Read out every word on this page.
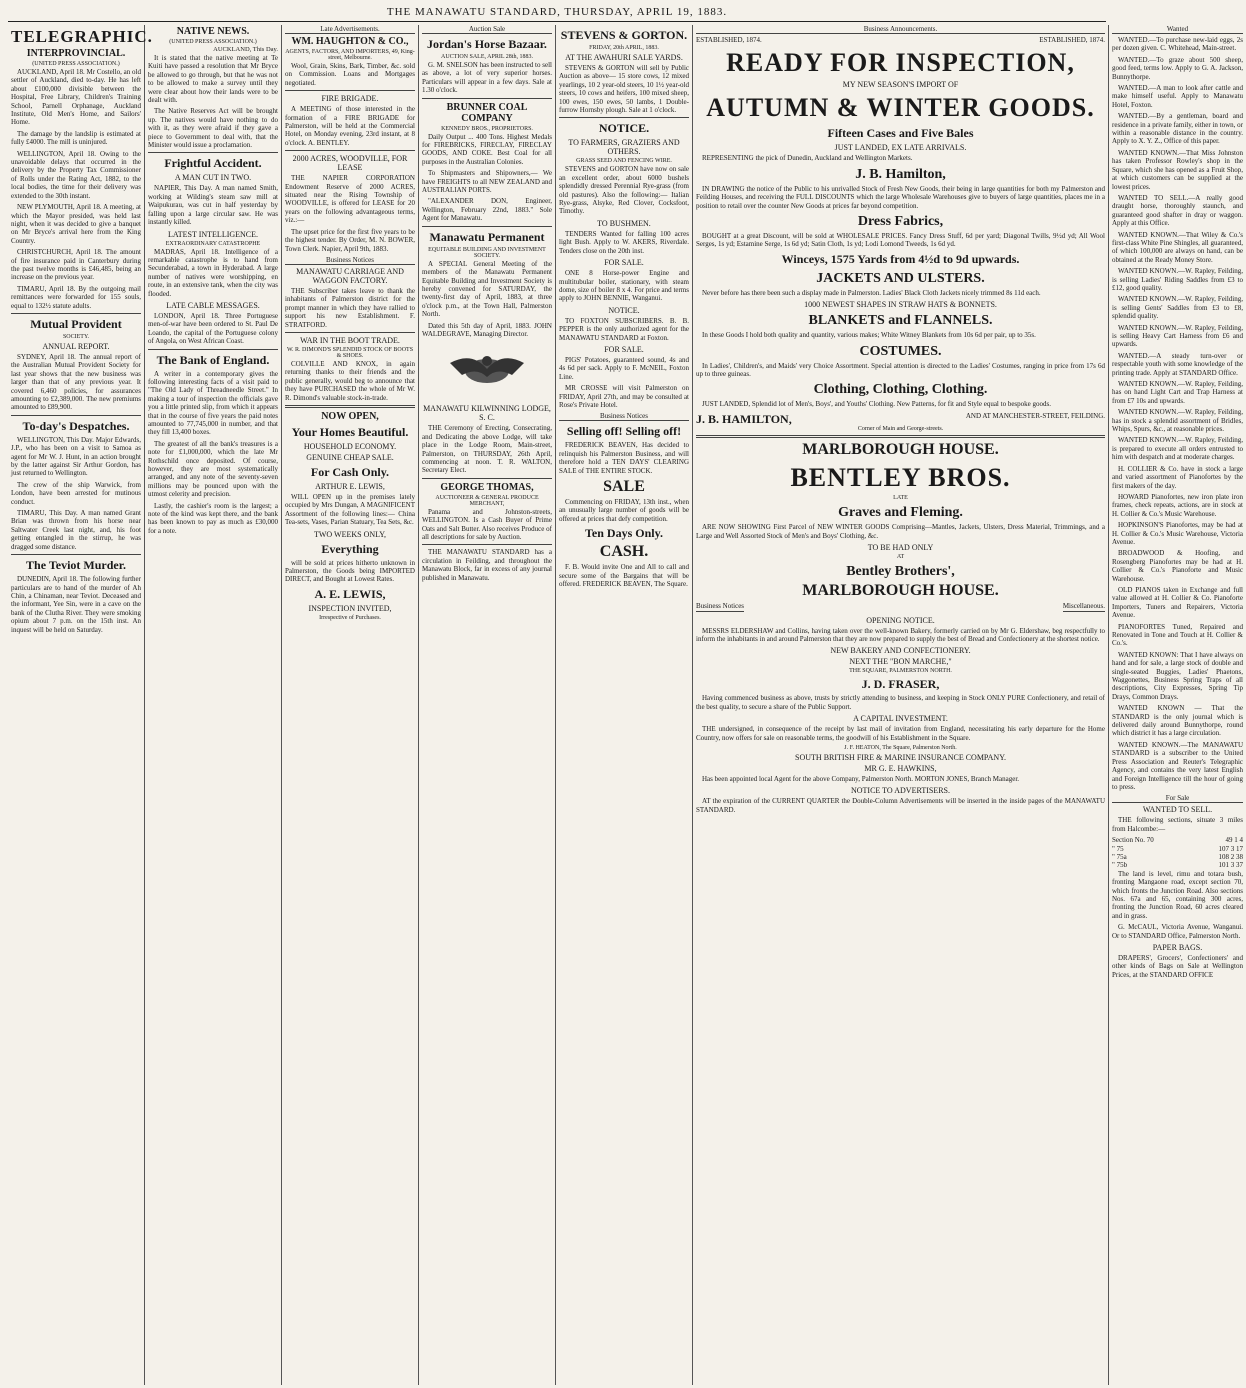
THE MANAWATU STANDARD, THURSDAY, APRIL 19, 1883.
TELEGRAPHIC.
INTERPROVINCIAL.
(UNITED PRESS ASSOCIATION.)

AUCKLAND, April 18. Mr Costello, an old settler of Auckland, died to-day. He has left about £100,000 divisible between the Hospital, Free Library, Children's Training School, Parnell Orphanage, Auckland Institute, Old Men's Home, and Sailors' Home.

The damage by the landslip is estimated at fully £4000. The mill is uninjured.

WELLINGTON, April 18. Owing to the unavoidable delays that occurred in the delivery by the Property Tax Commissioner of Rolls under the Rating Act, 1882, to the local bodies, the time for their delivery was extended to the 30th instant.

NEW PLYMOUTH, April 18. A meeting, at which the Mayor presided, was held last night, when it was decided to give a banquet on Mr Bryce's arrival here from the King Country.

CHRISTCHURCH, April 18. The amount of fire insurance paid in Canterbury during the past twelve months is £46,485, being an increase on the previous year.

TIMARU, April 18. By the outgoing mail remittances were forwarded for 155 souls, equal to 132½ statute adults.

Mutual Provident
SOCIETY.
ANNUAL REPORT.

SYDNEY, April 18. The annual report of the Australian Mutual Provident Society for last year shows that the new business was larger than that of any previous year. It covered 6,460 policies, for assurances amounting to £2,389,000. The new premiums amounted to £89,900.

To-day's Despatches.

WELLINGTON, This Day. Major Edwards, J.P., who has been on a visit to Samoa as agent for Mr W. J. Hunt, in an action brought by the latter against Sir Arthur Gordon, has just returned to Wellington.

The crew of the ship Warwick, from London, have been arrested for mutinous conduct.

TIMARU, This Day. A man named Grant Brian was thrown from his horse near Saltwater Creek last night, and, his foot getting entangled in the stirrup, he was dragged some distance.

The Teviot Murder.

DUNEDIN, April 18. The following further particulars are to hand of the murder of Ah Chin, a Chinaman, near Teviot. Deceased and the informant, Yee Sin, were in a cave on the bank of the Clutha River. They were smoking opium about 7 p.m. on the 15th inst. An inquest will be held on Saturday.

NATIVE NEWS.
(UNITED PRESS ASSOCIATION.)
AUCKLAND, This Day.

It is stated that the native meeting at Te Kuiti have passed a resolution that Mr Bryce be allowed to go through, but that he was not to be allowed to make a survey until they were clear about how their lands were to be dealt with.

The Native Reserves Act will be brought up. The natives would have nothing to do with it, as they were afraid if they gave a piece to Government to deal with, that the Minister would issue a proclamation.

Frightful Accident.
A MAN CUT IN TWO.

NAPIER, This Day. A man named Smith, working at Wilding's steam saw mill at Waipukurau, was cut in half yesterday by falling upon a large circular saw. He was instantly killed.

LATEST INTELLIGENCE.
EXTRAORDINARY CATASTROPHE

MADRAS, April 18. Intelligence of a remarkable catastrophe is to hand from Secunderabad, a town in Hyderabad. A large number of natives were worshipping, en route, in an extensive tank, when the city was flooded.

LATE CABLE MESSAGES.

LONDON, April 18. Three Portuguese men-of-war have been ordered to St. Paul De Loando, the capital of the Portuguese colony of Angola, on West African Coast.

The Bank of England.

A writer in a contemporary gives the following interesting facts of a visit paid to "The Old Lady of Threadneedle Street." In making a tour of inspection the officials gave you a little printed slip, from which it appears that in the course of five years the paid notes amounted to 77,745,000 in number, and that they fill 13,400 boxes.

The greatest of all the bank's treasures is a note for £1,000,000, which the late Mr Rothschild once deposited. Of course, however, they are most systematically arranged, and any note of the seventy-seven millions may be pounced upon with the utmost celerity and precision.

Lastly, the cashier's room is the largest; a note of the kind was kept there, and the bank has been known to pay as much as £30,000 for a note.

Late Advertisements.
WM. HAUGHTON & CO.,
AGENTS, FACTORS, AND IMPORTERS, 49, King-street, Melbourne.

Wool, Grain, Skins, Bark, Timber, &c. sold on Commission. Loans and Mortgages negotiated.

FIRE BRIGADE.

A MEETING of those interested in the formation of a FIRE BRIGADE for Palmerston, will be held at the Commercial Hotel, on Monday evening, 23rd instant, at 8 o'clock. A. BENTLEY.

2000 ACRES, WOODVILLE, FOR LEASE

THE NAPIER CORPORATION Endowment Reserve of 2000 ACRES, situated near the Rising Township of WOODVILLE, is offered for LEASE for 20 years on the following advantageous terms, viz.:—

The upset price for the first five years to be the highest tender. By Order, M. N. BOWER, Town Clerk. Napier, April 9th, 1883.

Business Notices
MANAWATU CARRIAGE AND WAGGON FACTORY.

THE Subscriber takes leave to thank the inhabitants of Palmerston district for the prompt manner in which they have rallied to support his new Establishment. F. STRATFORD.

WAR IN THE BOOT TRADE.
W. R. DIMOND'S SPLENDID STOCK OF BOOTS & SHOES.

COLVILLE AND KNOX, in again returning thanks to their friends and the public generally, would beg to announce that they have PURCHASED the whole of Mr W. R. Dimond's valuable stock-in-trade.

NOW OPEN,
Your Homes Beautiful.
HOUSEHOLD ECONOMY.
GENUINE CHEAP SALE.
For Cash Only.
ARTHUR E. LEWIS,

WILL OPEN up in the premises lately occupied by Mrs Dungan, A MAGNIFICENT Assortment of the following lines:— China Tea-sets, Vases, Parian Statuary, Tea Sets, &c.

TWO WEEKS ONLY,
Everything

will be sold at prices hitherto unknown in Palmerston, the Goods being IMPORTED DIRECT, and Bought at Lowest Rates.

A. E. LEWIS,
INSPECTION INVITED,
Irrespective of Purchases.
Auction Sale
Jordan's Horse Bazaar.
AUCTION SALE, APRIL 28th, 1883.

G. M. SNELSON has been instructed to sell as above, a lot of very superior horses. Particulars will appear in a few days. Sale at 1.30 o'clock.

BRUNNER COAL COMPANY
KENNEDY BROS., PROPRIETORS.

Daily Output ... 400 Tons. Highest Medals for FIREBRICKS, FIRECLAY, FIRECLAY GOODS, AND COKE. Best Coal for all purposes in the Australian Colonies.

To Shipmasters and Shipowners,— We have FREIGHTS to all NEW ZEALAND and AUSTRALIAN PORTS.

"ALEXANDER DON, Engineer, Wellington, February 22nd, 1883." Sole Agent for Manawatu.

Manawatu Permanent
EQUITABLE BUILDING AND INVESTMENT SOCIETY.

A SPECIAL General Meeting of the members of the Manawatu Permanent Equitable Building and Investment Society is hereby convened for SATURDAY, the twenty-first day of April, 1883, at three o'clock p.m., at the Town Hall, Palmerston North.

Dated this 5th day of April, 1883. JOHN WALDEGRAVE, Managing Director.

MANAWATU KILWINNING LODGE, S. C.

THE Ceremony of Erecting, Consecrating, and Dedicating the above Lodge, will take place in the Lodge Room, Main-street, Palmerston, on THURSDAY, 26th April, commencing at noon. T. R. WALTON, Secretary Elect.

GEORGE THOMAS,
AUCTIONEER & GENERAL PRODUCE MERCHANT,

Panama and Johnston-streets, WELLINGTON. Is a Cash Buyer of Prime Oats and Salt Butter. Also receives Produce of all descriptions for sale by Auction.

THE MANAWATU STANDARD has a circulation in Feilding, and throughout the Manawatu Block, far in excess of any journal published in Manawatu.

STEVENS & GORTON.
FRIDAY, 20th APRIL, 1883.
AT THE AWAHURI SALE YARDS.

STEVENS & GORTON will sell by Public Auction as above— 15 store cows, 12 mixed yearlings, 10 2 year-old steers, 10 1½ year-old steers, 10 cows and heifers, 100 mixed sheep, 100 ewes, 150 ewes, 50 lambs, 1 Double-furrow Hornsby plough. Sale at 1 o'clock.

NOTICE.
TO FARMERS, GRAZIERS AND OTHERS.
GRASS SEED AND FENCING WIRE.

STEVENS and GORTON have now on sale an excellent order, about 6000 bushels splendidly dressed Perennial Rye-grass (from old pastures). Also the following:— Italian Rye-grass, Alsyke, Red Clover, Cocksfoot, Timothy.

TO BUSHMEN.

TENDERS Wanted for falling 100 acres light Bush. Apply to W. AKERS, Riverdale. Tenders close on the 20th inst.

FOR SALE.

ONE 8 Horse-power Engine and multitubular boiler, stationary, with steam dome, size of boiler 8 x 4. For price and terms apply to JOHN BENNIE, Wanganui.

NOTICE.

TO FOXTON SUBSCRIBERS. B. B. PEPPER is the only authorized agent for the MANAWATU STANDARD at Foxton.

FOR SALE.

PIGS' Potatoes, guaranteed sound, 4s and 4s 6d per sack. Apply to F. McNEIL, Foxton Line.

MR CROSSE will visit Palmerston on FRIDAY, April 27th, and may be consulted at Rose's Private Hotel.

Business Notices
Selling off! Selling off!

FREDERICK BEAVEN, Has decided to relinquish his Palmerston Business, and will therefore hold a TEN DAYS' CLEARING SALE of THE ENTIRE STOCK.

SALE

Commencing on FRIDAY, 13th inst., when an unusually large number of goods will be offered at prices that defy competition.

Ten Days Only.
CASH.

F. B. Would invite One and All to call and secure some of the Bargains that will be offered. FREDERICK BEAVEN, The Square.

Business Announcements.
ESTABLISHED, 1874.	ESTABLISHED, 1874.
READY FOR INSPECTION,
MY NEW SEASON'S IMPORT OF
AUTUMN & WINTER GOODS.
Fifteen Cases and Five Bales
JUST LANDED, EX LATE ARRIVALS.

REPRESENTING the pick of Dunedin, Auckland and Wellington Markets.

J. B. Hamilton,

IN DRAWING the notice of the Public to his unrivalled Stock of Fresh New Goods, their being in large quantities for both my Palmerston and Feilding Houses, and receiving the FULL DISCOUNTS which the large Wholesale Warehouses give to buyers of large quantities, places me in a position to retail over the counter New Goods at prices far beyond competition.

Dress Fabrics,

BOUGHT at a great Discount, will be sold at WHOLESALE PRICES. Fancy Dress Stuff, 6d per yard; Diagonal Twills, 9½d yd; All Wool Serges, 1s yd; Estamine Serge, 1s 6d yd; Satin Cloth, 1s yd; Lodi Lomond Tweeds, 1s 6d yd.

Winceys, 1575 Yards from 4½d to 9d upwards.
JACKETS AND ULSTERS.

Never before has there been such a display made in Palmerston. Ladies' Black Cloth Jackets nicely trimmed 8s 11d each.

1000 NEWEST SHAPES IN STRAW HATS & BONNETS.
BLANKETS and FLANNELS.

In these Goods I hold both quality and quantity, various makes; White Witney Blankets from 10s 6d per pair, up to 35s.

COSTUMES.

In Ladies', Children's, and Maids' very Choice Assortment. Special attention is directed to the Ladies' Costumes, ranging in price from 17s 6d up to three guineas.

Clothing, Clothing, Clothing.

JUST LANDED, Splendid lot of Men's, Boys', and Youths' Clothing. New Patterns, for fit and Style equal to bespoke goods.

J. B. HAMILTON,	AND AT MANCHESTER-STREET, FEILDING.
Corner of Main and George-streets.
MARLBOROUGH HOUSE.
BENTLEY BROS.
LATE
Graves and Fleming.

ARE NOW SHOWING First Parcel of NEW WINTER GOODS Comprising—Mantles, Jackets, Ulsters, Dress Material, Trimmings, and a Large and Well Assorted Stock of Men's and Boys' Clothing, &c.

TO BE HAD ONLY
AT
Bentley Brothers',
MARLBOROUGH HOUSE.
Business Notices	Miscellaneous.
OPENING NOTICE.

MESSRS ELDERSHAW and Collins, having taken over the well-known Bakery, formerly carried on by Mr G. Eldershaw, beg respectfully to inform the inhabitants in and around Palmerston that they are now prepared to supply the best of Bread and Confectionery at the shortest notice.

NEW BAKERY AND CONFECTIONERY.
NEXT THE "BON MARCHE,"
THE SQUARE, PALMERSTON NORTH.
J. D. FRASER,

Having commenced business as above, trusts by strictly attending to business, and keeping in Stock ONLY PURE Confectionery, and retail of the best quality, to secure a share of the Public Support.

A CAPITAL INVESTMENT.

THE undersigned, in consequence of the receipt by last mail of invitation from England, necessitating his early departure for the Home Country, now offers for sale on reasonable terms, the goodwill of his Establishment in the Square.

J. F. HEATON, The Square, Palmerston North.
SOUTH BRITISH FIRE & MARINE INSURANCE COMPANY.
MR G. E. HAWKINS,

Has been appointed local Agent for the above Company, Palmerston North. MORTON JONES, Branch Manager.

NOTICE TO ADVERTISERS.

AT the expiration of the CURRENT QUARTER the Double-Column Advertisements will be inserted in the inside pages of the MANAWATU STANDARD.

Wanted

WANTED.—To purchase new-laid eggs, 2s per dozen given. C. Whitehead, Main-street.

WANTED.—To graze about 500 sheep, good feed, terms low. Apply to G. A. Jackson, Bunnythorpe.

WANTED.—A man to look after cattle and make himself useful. Apply to Manawatu Hotel, Foxton.

WANTED.—By a gentleman, board and residence in a private family, either in town, or within a reasonable distance in the country. Apply to X. Y. Z., Office of this paper.

WANTED KNOWN.—That Miss Johnston has taken Professor Rowley's shop in the Square, which she has opened as a Fruit Shop, at which customers can be supplied at the lowest prices.

WANTED TO SELL.—A really good draught horse, thoroughly staunch, and guaranteed good shafter in dray or waggon. Apply at this Office.

WANTED KNOWN.—That Wiley & Co.'s first-class White Pine Shingles, all guaranteed, of which 100,000 are always on hand, can be obtained at the Ready Money Store.

WANTED KNOWN.—W. Rapley, Feilding, is selling Ladies' Riding Saddles from £3 to £12, good quality.

WANTED KNOWN.—W. Rapley, Feilding, is selling Gents' Saddles from £3 to £8, splendid quality.

WANTED KNOWN.—W. Rapley, Feilding, is selling Heavy Cart Harness from £6 and upwards.

WANTED.—A steady turn-over or respectable youth with some knowledge of the printing trade. Apply at STANDARD Office.

WANTED KNOWN.—W. Rapley, Feilding, has on hand Light Cart and Trap Harness at from £7 10s and upwards.

WANTED KNOWN.—W. Rapley, Feilding, has in stock a splendid assortment of Bridles, Whips, Spurs, &c., at reasonable prices.

WANTED KNOWN.—W. Rapley, Feilding, is prepared to execute all orders entrusted to him with despatch and at moderate charges.

H. COLLIER & Co. have in stock a large and varied assortment of Pianofortes by the first makers of the day.

HOWARD Pianofortes, new iron plate iron frames, check repeats, actions, are in stock at H. Collier & Co.'s Music Warehouse.

HOPKINSON'S Pianofortes, may be had at H. Collier & Co.'s Music Warehouse, Victoria Avenue.

BROADWOOD & Hoofing, and Rosengberg Pianofortes may be had at H. Collier & Co.'s Pianoforte and Music Warehouse.

OLD PIANOS taken in Exchange and full value allowed at H. Collier & Co. Pianoforte Importers, Tuners and Repairers, Victoria Avenue.

PIANOFORTES Tuned, Repaired and Renovated in Tone and Touch at H. Collier & Co.'s.

WANTED KNOWN: That I have always on hand and for sale, a large stock of double and single-seated Buggies, Ladies' Phaetons, Waggonettes, Business Spring Traps of all descriptions, City Expresses, Spring Tip Drays, Common Drays.

WANTED KNOWN — That the STANDARD is the only journal which is delivered daily around Bunnythorpe, round which district it has a large circulation.

WANTED KNOWN.—The MANAWATU STANDARD is a subscriber to the United Press Association and Reuter's Telegraphic Agency, and contains the very latest English and Foreign Intelligence till the hour of going to press.

For Sale
WANTED TO SELL.

THE following sections, situate 3 miles from Halcombe:—

Section No. 70	49 1 4
" 75	107 3 17
" 75a	108 2 38
" 75b	101 3 37

The land is level, rimu and totara bush, fronting Mangaone road, except section 70, which fronts the Junction Road. Also sections Nos. 67a and 65, containing 300 acres, fronting the Junction Road, 60 acres cleared and in grass.

G. McCAUL, Victoria Avenue, Wanganui. Or to STANDARD Office, Palmerston North.

PAPER BAGS.

DRAPERS', Grocers', Confectioners' and other kinds of Bags on Sale at Wellington Prices, at the STANDARD OFFICE
